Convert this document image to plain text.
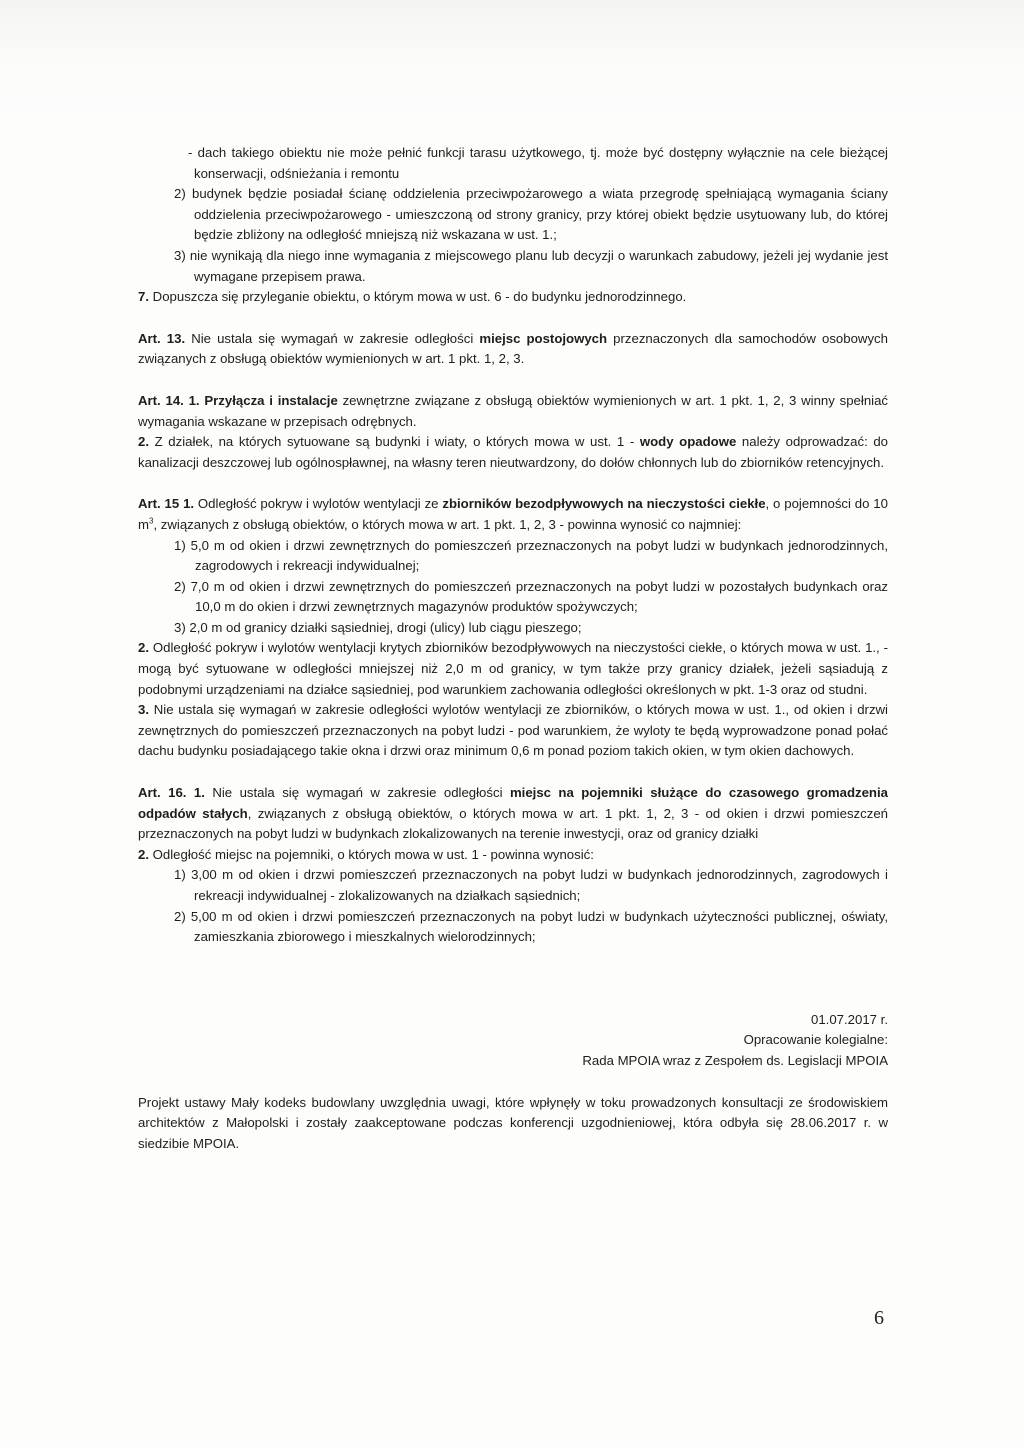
- dach takiego obiektu nie może pełnić funkcji tarasu użytkowego, tj. może być dostępny wyłącznie na cele bieżącej konserwacji, odśnieżania i remontu

2) budynek będzie posiadał ścianę oddzielenia przeciwpożarowego a wiata przegrodę spełniającą wymagania ściany oddzielenia przeciwpożarowego - umieszczoną od strony granicy, przy której obiekt będzie usytuowany lub, do której będzie zbliżony na odległość mniejszą niż wskazana w ust. 1.;

3) nie wynikają dla niego inne wymagania z miejscowego planu lub decyzji o warunkach zabudowy, jeżeli jej wydanie jest wymagane przepisem prawa.

7. Dopuszcza się przyleganie obiektu, o którym mowa w ust. 6 - do budynku jednorodzinnego.

Art. 13. Nie ustala się wymagań w zakresie odległości miejsc postojowych przeznaczonych dla samochodów osobowych związanych z obsługą obiektów wymienionych w art. 1 pkt. 1, 2, 3.

Art. 14. 1. Przyłącza i instalacje zewnętrzne związane z obsługą obiektów wymienionych w art. 1 pkt. 1, 2, 3 winny spełniać wymagania wskazane w przepisach odrębnych.

2. Z działek, na których sytuowane są budynki i wiaty, o których mowa w ust. 1 - wody opadowe należy odprowadzać: do kanalizacji deszczowej lub ogólnospławnej, na własny teren nieutwardzony, do dołów chłonnych lub do zbiorników retencyjnych.

Art. 15 1. Odległość pokryw i wylotów wentylacji ze zbiorników bezodpływowych na nieczystości ciekłe, o pojemności do 10 $m^3$, związanych z obsługą obiektów, o których mowa w art. 1 pkt. 1, 2, 3 - powinna wynosić co najmniej:

1) 5,0 m od okien i drzwi zewnętrznych do pomieszczeń przeznaczonych na pobyt ludzi w budynkach jednorodzinnych, zagrodowych i rekreacji indywidualnej;

2) 7,0 m od okien i drzwi zewnętrznych do pomieszczeń przeznaczonych na pobyt ludzi w pozostałych budynkach oraz 10,0 m do okien i drzwi zewnętrznych magazynów produktów spożywczych;

3) 2,0 m od granicy działki sąsiedniej, drogi (ulicy) lub ciągu pieszego;

2. Odległość pokryw i wylotów wentylacji krytych zbiorników bezodpływowych na nieczystości ciekłe, o których mowa w ust. 1., - mogą być sytuowane w odległości mniejszej niż 2,0 m od granicy, w tym także przy granicy działek, jeżeli sąsiadują z podobnymi urządzeniami na działce sąsiedniej, pod warunkiem zachowania odległości określonych w pkt. 1-3 oraz od studni.

3. Nie ustala się wymagań w zakresie odległości wylotów wentylacji ze zbiorników, o których mowa w ust. 1., od okien i drzwi zewnętrznych do pomieszczeń przeznaczonych na pobyt ludzi - pod warunkiem, że wyloty te będą wyprowadzone ponad połać dachu budynku posiadającego takie okna i drzwi oraz minimum 0,6 m ponad poziom takich okien, w tym okien dachowych.

Art. 16. 1. Nie ustala się wymagań w zakresie odległości miejsc na pojemniki służące do czasowego gromadzenia odpadów stałych, związanych z obsługą obiektów, o których mowa w art. 1 pkt. 1, 2, 3 - od okien i drzwi pomieszczeń przeznaczonych na pobyt ludzi w budynkach zlokalizowanych na terenie inwestycji, oraz od granicy działki

2. Odległość miejsc na pojemniki, o których mowa w ust. 1 - powinna wynosić:

1) 3,00 m od okien i drzwi pomieszczeń przeznaczonych na pobyt ludzi w budynkach jednorodzinnych, zagrodowych i rekreacji indywidualnej - zlokalizowanych na działkach sąsiednich;

2) 5,00 m od okien i drzwi pomieszczeń przeznaczonych na pobyt ludzi w budynkach użyteczności publicznej, oświaty, zamieszkania zbiorowego i mieszkalnych wielorodzinnych;

01.07.2017 r.

Opracowanie kolegialne:

Rada MPOIA wraz z Zespołem ds. Legislacji MPOIA

Projekt ustawy Mały kodeks budowlany uwzględnia uwagi, które wpłynęły w toku prowadzonych konsultacji ze środowiskiem architektów z Małopolski i zostały zaakceptowane podczas konferencji uzgodnieniowej, która odbyła się 28.06.2017 r. w siedzibie MPOIA.

6
